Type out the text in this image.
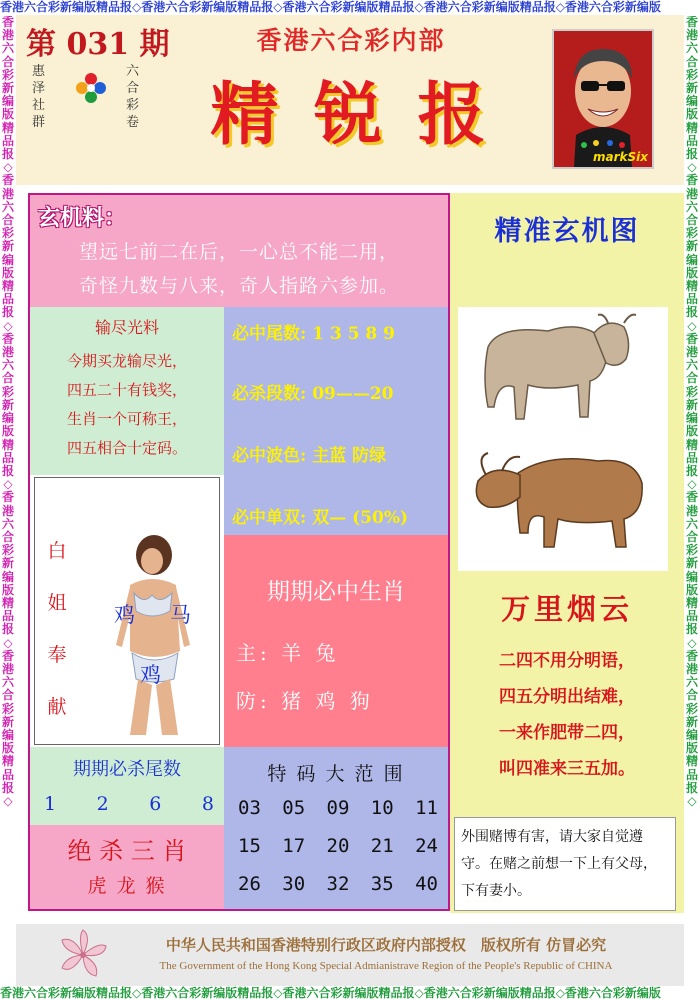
香港六合彩新编版精品报◇香港六合彩新编版精品报◇香港六合彩新编版精品报◇香港六合彩新编版精品报◇香港六合彩新编版
香港六合彩新编版精品报◇香港六合彩新编版精品报◇香港六合彩新编版精品报◇香港六合彩新编版精品报◇香港六合彩新编版
香港六合彩新编版精品报◇香港六合彩新编版精品报◇香港六合彩新编版精品报◇香港六合彩新编版精品报◇香港六合彩新编版精品报◇
香港六合彩新编版精品报◇香港六合彩新编版精品报◇香港六合彩新编版精品报◇香港六合彩新编版精品报◇香港六合彩新编版精品报◇
第 031 期
惠泽社群
六合彩卷
香港六合彩内部
精 锐 报
markSix
玄机料：
望远七前二在后，一心总不能二用，
奇怪九数与八来，奇人指路六参加。
输尽光料
今期买龙输尽光，
四五二十有钱奖，
生肖一个可称王，
四五相合十定码。
必中尾数: 1 3 5 8 9
必杀段数: 09——20
必中波色: 主蓝 防绿
必中单双: 双— (50%)
白
姐
奉
献
鸡 马
鸡
期期必中生肖
主: 羊 兔
防: 猪 鸡 狗
期期必杀尾数
1 2 6 8
绝 杀 三 肖
虎 龙 猴
特 码 大 范 围
03 05 09 10 11
15 17 20 21 24
26 30 32 35 40
精准玄机图
万里烟云

二四不用分明语，

四五分明出结难，

一来作肥带二四，

叫四准来三五加。

外围赌博有害，请大家自觉遵守。在赌之前想一下上有父母，下有妻小。
中华人民共和国香港特别行政区政府内部授权　版权所有 仿冒必究
The Government of the Hong Kong Special Admianistrave Region of the People's Republic of CHINA
